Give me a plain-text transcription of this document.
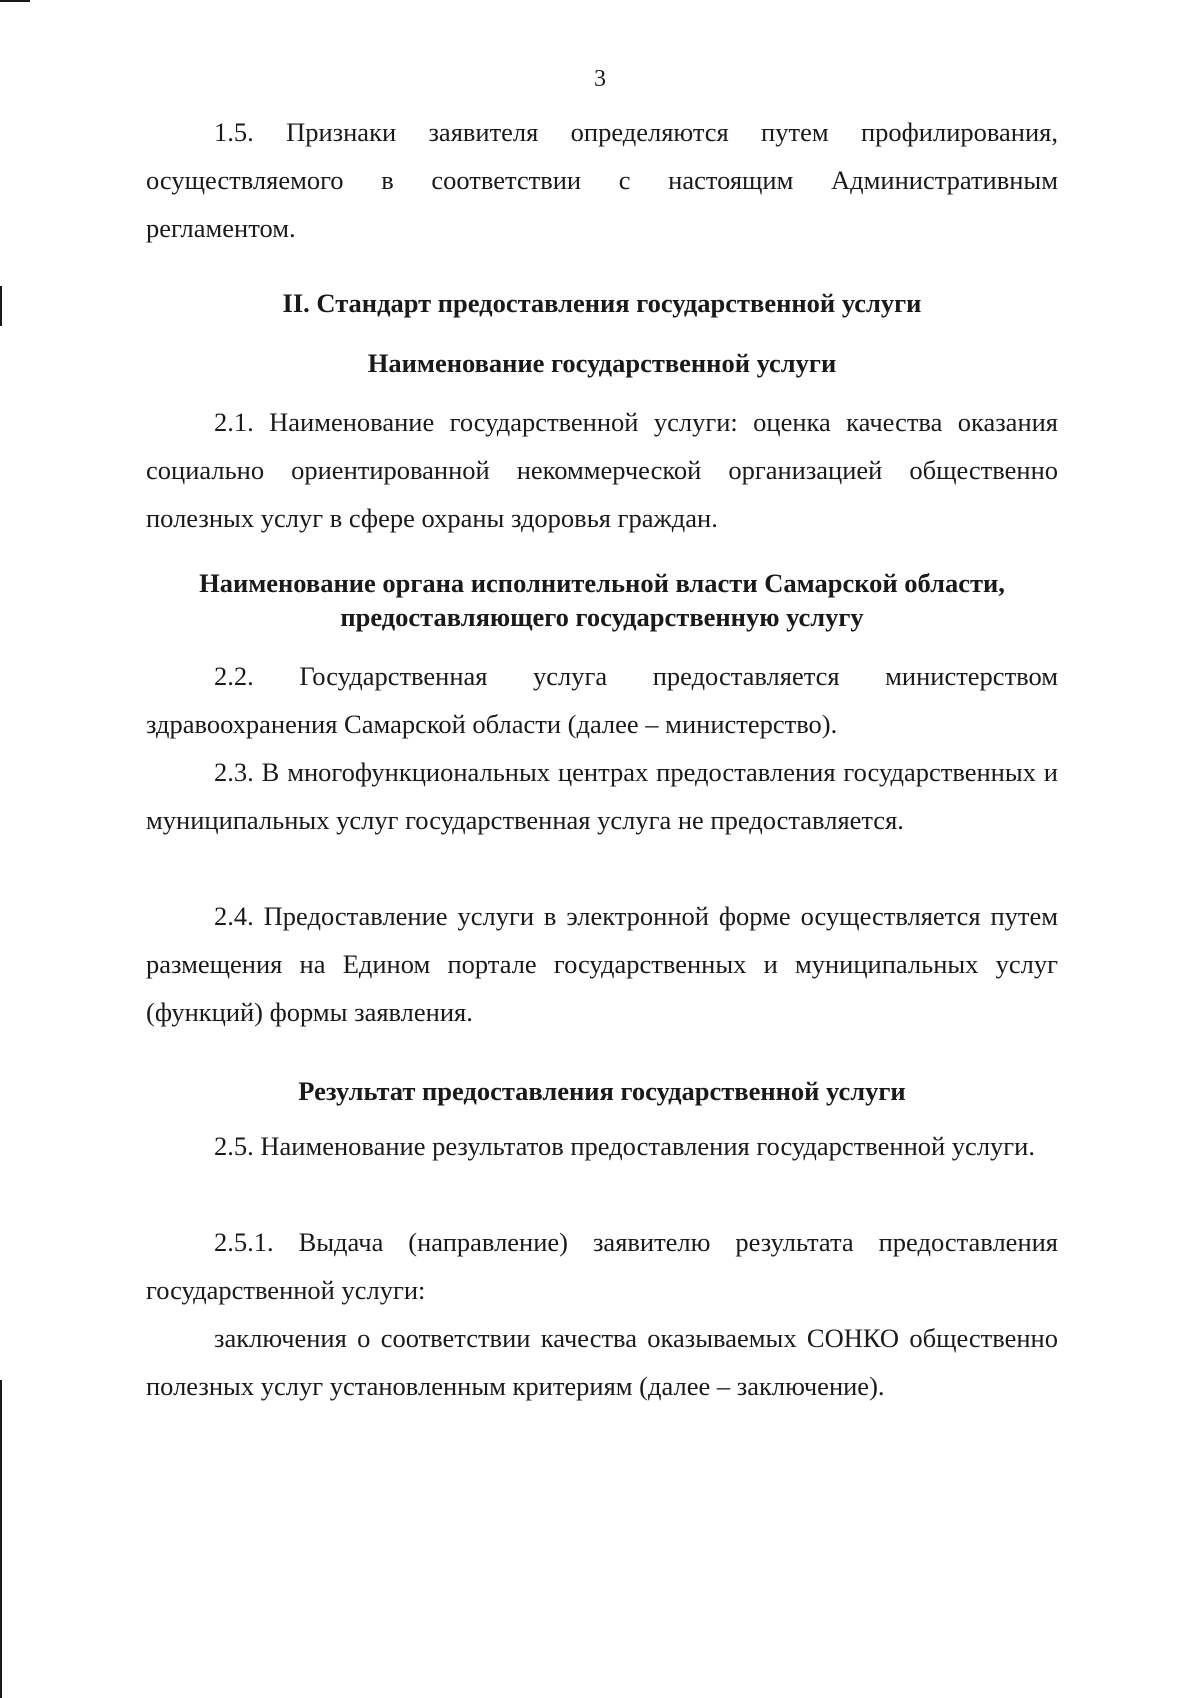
3
1.5. Признаки заявителя определяются путем профилирования, осуществляемого в соответствии с настоящим Административным регламентом.
II. Стандарт предоставления государственной услуги
Наименование государственной услуги
2.1. Наименование государственной услуги: оценка качества оказания социально ориентированной некоммерческой организацией общественно полезных услуг в сфере охраны здоровья граждан.
Наименование органа исполнительной власти Самарской области,
предоставляющего государственную услугу
2.2. Государственная услуга предоставляется министерством здравоохранения Самарской области (далее – министерство).
2.3. В многофункциональных центрах предоставления государственных и муниципальных услуг государственная услуга не предоставляется.
2.4. Предоставление услуги в электронной форме осуществляется путем размещения на Едином портале государственных и муниципальных услуг (функций) формы заявления.
Результат предоставления государственной услуги
2.5. Наименование результатов предоставления государственной услуги.
2.5.1. Выдача (направление) заявителю результата предоставления государственной услуги:
заключения о соответствии качества оказываемых СОНКО общественно полезных услуг установленным критериям (далее – заключение).
